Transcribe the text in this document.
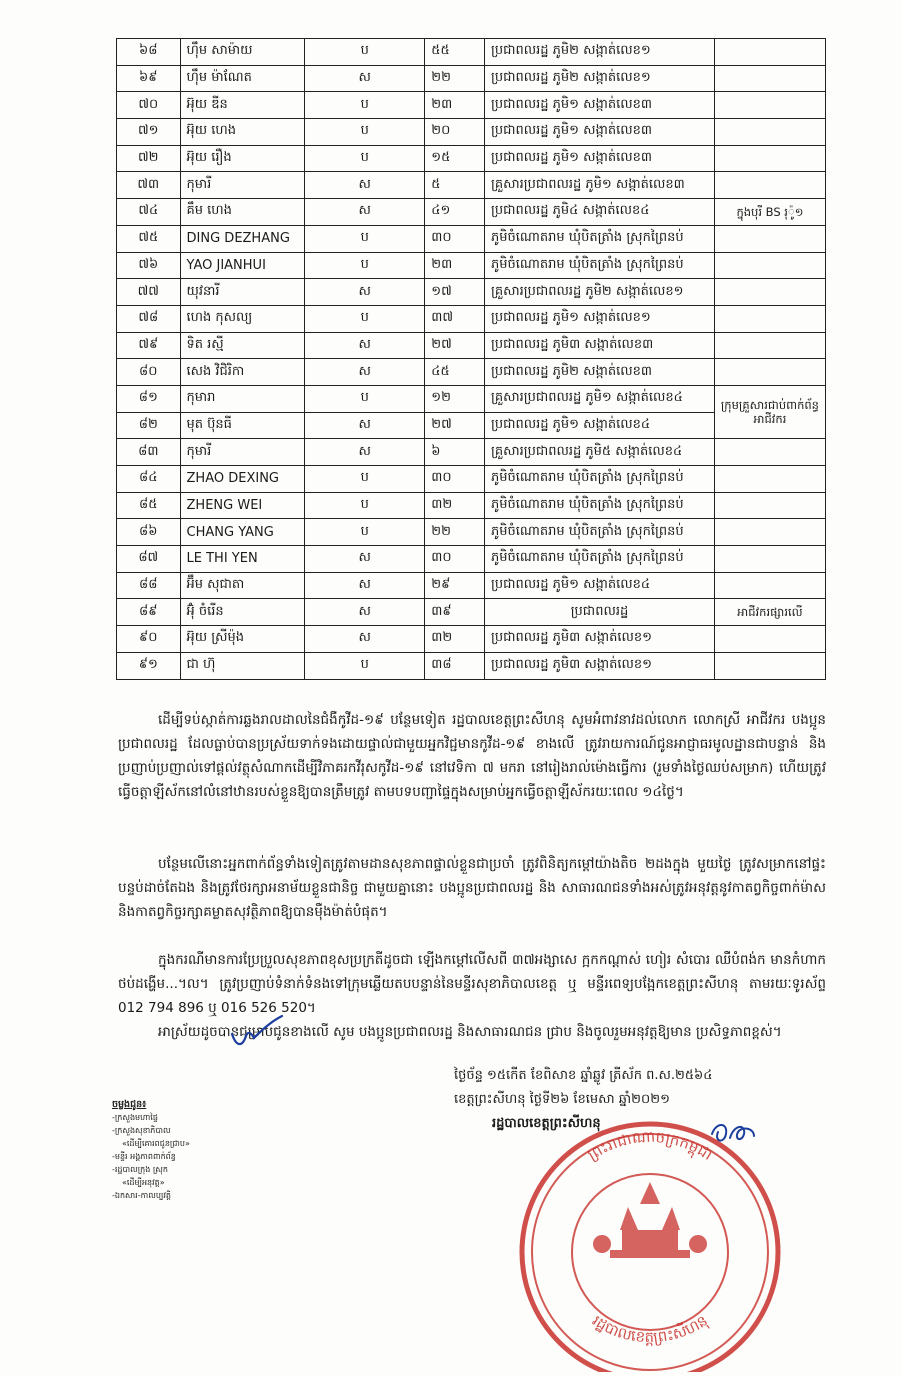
៦៨	ហ៊ឹម សាម៉ាយ	ប	៥៥	ប្រជាពលរដ្ឋ ភូមិ២ សង្កាត់លេខ១	
៦៩	ហ៊ឹម ម៉ាណែត	ស	២២	ប្រជាពលរដ្ឋ ភូមិ២ សង្កាត់លេខ១	
៧០	អ៊ុយ ឌីន	ប	២៣	ប្រជាពលរដ្ឋ ភូមិ១ សង្កាត់លេខ៣	
៧១	អ៊ុយ ហេង	ប	២០	ប្រជាពលរដ្ឋ ភូមិ១ សង្កាត់លេខ៣	
៧២	អ៊ុយ រឿង	ប	១៥	ប្រជាពលរដ្ឋ ភូមិ១ សង្កាត់លេខ៣	
៧៣	កុមារី	ស	៥	គ្រួសារប្រជាពលរដ្ឋ ភូមិ១ សង្កាត់លេខ៣	
៧៤	គឹម ហេង	ស	៤១	ប្រជាពលរដ្ឋ ភូមិ៤ សង្កាត់លេខ៤	ក្នុងបុរី BS រុ៉ូ១
៧៥	DING DEZHANG	ប	៣០	ភូមិចំណោតរាម ឃុំបិតត្រាំង ស្រុកព្រៃនប់	
៧៦	YAO JIANHUI	ប	២៣	ភូមិចំណោតរាម ឃុំបិតត្រាំង ស្រុកព្រៃនប់	
៧៧	យុវនារី	ស	១៧	គ្រួសារប្រជាពលរដ្ឋ ភូមិ២ សង្កាត់លេខ១	
៧៨	ហេង កុសល្យ	ប	៣៧	ប្រជាពលរដ្ឋ ភូមិ១ សង្កាត់លេខ១	
៧៩	ទិត រស្មី	ស	២៧	ប្រជាពលរដ្ឋ ភូមិ៣ សង្កាត់លេខ៣	
៨០	សេង វិជិរិកា	ស	៤៥	ប្រជាពលរដ្ឋ ភូមិ២ សង្កាត់លេខ៣	
៨១	កុមារា	ប	១២	គ្រួសារប្រជាពលរដ្ឋ ភូមិ១ សង្កាត់លេខ៤	ក្រុមគ្រួសារជាប់ពាក់ព័ន្ធ
អាជីវករ

៨២	មុត ប៊ុនធី	ស	២៧	ប្រជាពលរដ្ឋ ភូមិ១ សង្កាត់លេខ៤	
៨៣	កុមារី	ស	៦	គ្រួសារប្រជាពលរដ្ឋ ភូមិ៥ សង្កាត់លេខ៤	
៨៤	ZHAO DEXING	ប	៣០	ភូមិចំណោតរាម ឃុំបិតត្រាំង ស្រុកព្រៃនប់	
៨៥	ZHENG WEI	ប	៣២	ភូមិចំណោតរាម ឃុំបិតត្រាំង ស្រុកព្រៃនប់	
៨៦	CHANG YANG	ប	២២	ភូមិចំណោតរាម ឃុំបិតត្រាំង ស្រុកព្រៃនប់	
៨៧	LE THI YEN	ស	៣០	ភូមិចំណោតរាម ឃុំបិតត្រាំង ស្រុកព្រៃនប់	
៨៨	អ៊ឹម សុជាតា	ស	២៩	ប្រជាពលរដ្ឋ ភូមិ១ សង្កាត់លេខ៤	
៨៩	អ៊ុំ ចំរើន	ស	៣៩	ប្រជាពលរដ្ឋ	អាជីវករផ្សារលើ
៩០	អ៊ុយ ស្រីម៉ុង	ស	៣២	ប្រជាពលរដ្ឋ ភូមិ៣ សង្កាត់លេខ១	
៩១	ជា ហ៊ុ	ប	៣៨	ប្រជាពលរដ្ឋ ភូមិ៣ សង្កាត់លេខ១	

ដើម្បីទប់ស្កាត់ការឆ្លងរាលដាលនៃជំងឺកូវីដ-១៩ បន្ថែមទៀត រដ្ឋបាលខេត្តព្រះសីហនុ សូមអំពាវនាវដល់លោក លោកស្រី អាជីវករ បងប្អូនប្រជាពលរដ្ឋ ដែលធ្លាប់បានប្រស្រ័យទាក់ទងដោយផ្ទាល់ជាមួយអ្នកវិជ្ជមានកូវីដ-១៩ ខាងលើ ត្រូវរាយការណ៍ជូនអាជ្ញាធរមូលដ្ឋានជាបន្ទាន់ និងប្រញាប់ប្រញាល់ទៅផ្តល់វត្ថុសំណាកដើម្បីវិភាគរកវីរុសកូវីដ-១៩ នៅវេទិកា ៧ មករា នៅរៀងរាល់ម៉ោងធ្វើការ (រួមទាំងថ្ងៃឈប់សម្រាក) ហើយត្រូវធ្វើចត្តាឡីស័កនៅលំនៅឋានរបស់ខ្លួនឱ្យបានត្រឹមត្រូវ តាមបទបញ្ជាផ្ទៃក្នុងសម្រាប់អ្នកធ្វើចត្តាឡីស័ករយៈពេល ១៤ថ្ងៃ។

បន្ថែមលើនោះអ្នកពាក់ព័ន្ធទាំងទៀតត្រូវតាមដានសុខភាពផ្ទាល់ខ្លួនជាប្រចាំ ត្រូវពិនិត្យកម្តៅយ៉ាងតិច ២ដងក្នុង មួយថ្ងៃ ត្រូវសម្រាកនៅផ្ទះបន្ទប់ដាច់តែឯង និងត្រូវថែរក្សាអនាម័យខ្លួនជានិច្ច ជាមួយគ្នានោះ បងប្អូនប្រជាពលរដ្ឋ និង សាធារណជនទាំងអស់ត្រូវអនុវត្តនូវកាតព្វកិច្ចពាក់ម៉ាស និងកាតព្វកិច្ចរក្សាគម្លាតសុវត្ថិភាពឱ្យបានម៉ឺងម៉ាត់បំផុត។

ក្នុងករណីមានការប្រែប្រួលសុខភាពខុសប្រក្រតីដូចជា ឡើងកម្តៅលើសពី ៣៧អង្សាសេ ក្អកកណ្តាស់ ហៀរ សំបោរ ឈឺបំពង់ក មានកំហាក ថប់ដង្ហើម...។ល។ ត្រូវប្រញាប់ទំនាក់ទំនងទៅក្រុមឆ្លើយតបបន្ទាន់នៃមន្ទីរសុខាភិបាលខេត្ត ឬ មន្ទីរពេទ្យបង្អែកខេត្តព្រះសីហនុ តាមរយៈទូរស័ព្ទ 012 794 896 ឬ 016 526 520។

អាស្រ័យដូចបានជម្រាបជូនខាងលើ សូម បងប្អូនប្រជាពលរដ្ឋ និងសាធារណជន ជ្រាប និងចូលរួមអនុវត្តឱ្យមាន ប្រសិទ្ធភាពខ្ពស់។

ថ្ងៃច័ន្ទ ១៥កើត ខែពិសាខ ឆ្នាំឆ្លូវ ត្រីស័ក ព.ស.២៥៦៤
ខេត្តព្រះសីហនុ ថ្ងៃទី២៦ ខែមេសា ឆ្នាំ២០២១
រដ្ឋបាលខេត្តព្រះសីហនុ
ចម្លងជូន៖
-ក្រសួងមហាផ្ទៃ
-ក្រសួងសុខាភិបាល
«ដើម្បីគោរពជូនជ្រាប»
-មន្ទីរ អង្គភាពពាក់ព័ន្ធ
-រដ្ឋបាលក្រុង ស្រុក
«ដើម្បីអនុវត្ត»
-ឯកសារ-កាលប្បវត្តិ
ព្រះរាជាណាចក្រកម្ពុជា
រដ្ឋបាលខេត្តព្រះសីហនុ
